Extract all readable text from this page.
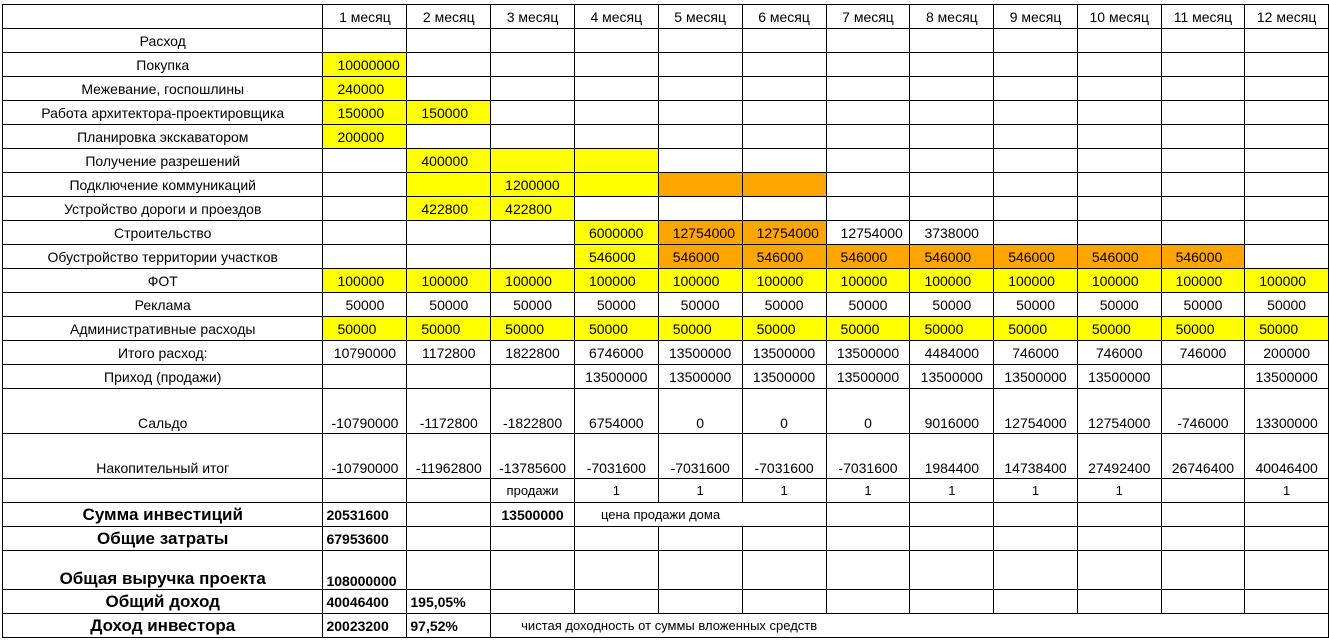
	1 месяц	2 месяц	3 месяц	4 месяц	5 месяц	6 месяц	7 месяц	8 месяц	9 месяц	10 месяц	11 месяц	12 месяц
Расход												
Покупка	10000000											
Межевание, госпошлины	240000											
Работа архитектора-проектировщика	150000	150000										
Планировка экскаватором	200000											
Получение разрешений		400000										
Подключение коммуникаций			1200000									
Устройство дороги и проездов		422800	422800									
Строительство				6000000	12754000	12754000	12754000	3738000				
Обустройство территории участков				546000	546000	546000	546000	546000	546000	546000	546000	
ФОТ	100000	100000	100000	100000	100000	100000	100000	100000	100000	100000	100000	100000
Реклама	50000	50000	50000	50000	50000	50000	50000	50000	50000	50000	50000	50000
Административные расходы	50000	50000	50000	50000	50000	50000	50000	50000	50000	50000	50000	50000
Итого расход:	10790000	1172800	1822800	6746000	13500000	13500000	13500000	4484000	746000	746000	746000	200000
Приход (продажи)				13500000	13500000	13500000	13500000	13500000	13500000	13500000		13500000
Сальдо	-10790000	-1172800	-1822800	6754000	0	0	0	9016000	12754000	12754000	-746000	13300000
Накопительный итог	-10790000	-11962800	-13785600	-7031600	-7031600	-7031600	-7031600	1984400	14738400	27492400	26746400	40046400
			продажи	1	1	1	1	1	1	1		1
Сумма инвестиций	20531600		13500000	цена продажи дома								
Общие затраты	67953600											
Общая выручка проекта	108000000											
Общий доход	40046400	195,05%										
Доход инвестора	20023200	97,52%	чистая доходность от суммы вложенных средств									
